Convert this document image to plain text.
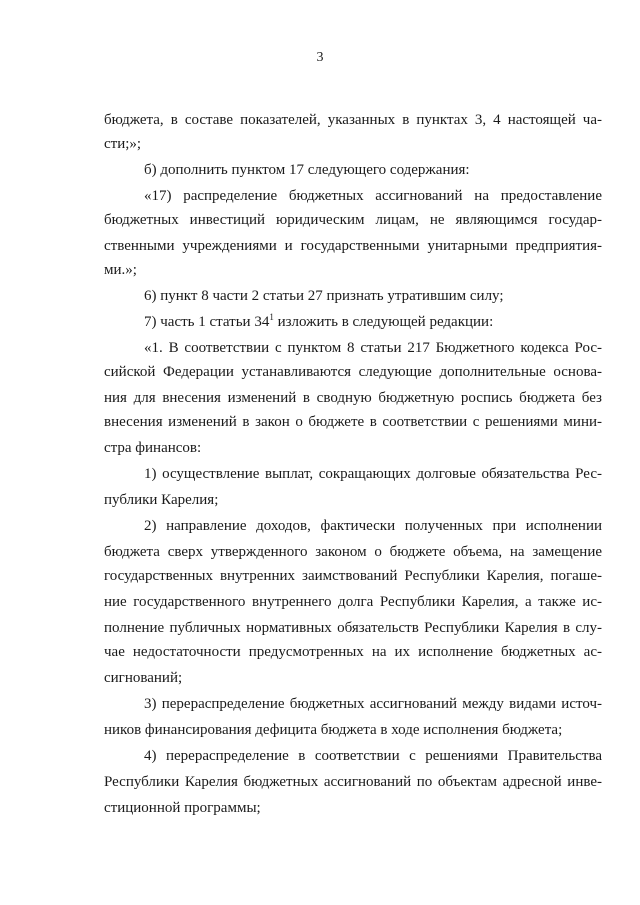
3
бюджета, в составе показателей, указанных в пунктах 3, 4 настоящей ча-
сти;»;
б) дополнить пунктом 17 следующего содержания:
«17) распределение бюджетных ассигнований на предоставление
бюджетных инвестиций юридическим лицам, не являющимся государ-
ственными учреждениями и государственными унитарными предприятия-
ми.»;
6) пункт 8 части 2 статьи 27 признать утратившим силу;
7) часть 1 статьи $34^1$ изложить в следующей редакции:
«1. В соответствии с пунктом 8 статьи 217 Бюджетного кодекса Рос-
сийской Федерации устанавливаются следующие дополнительные основа-
ния для внесения изменений в сводную бюджетную роспись бюджета без
внесения изменений в закон о бюджете в соответствии с решениями мини-
стра финансов:
1) осуществление выплат, сокращающих долговые обязательства Рес-
публики Карелия;
2) направление доходов, фактически полученных при исполнении
бюджета сверх утвержденного законом о бюджете объема, на замещение
государственных внутренних заимствований Республики Карелия, погаше-
ние государственного внутреннего долга Республики Карелия, а также ис-
полнение публичных нормативных обязательств Республики Карелия в слу-
чае недостаточности предусмотренных на их исполнение бюджетных ас-
сигнований;
3) перераспределение бюджетных ассигнований между видами источ-
ников финансирования дефицита бюджета в ходе исполнения бюджета;
4) перераспределение в соответствии с решениями Правительства
Республики Карелия бюджетных ассигнований по объектам адресной инве-
стиционной программы;
